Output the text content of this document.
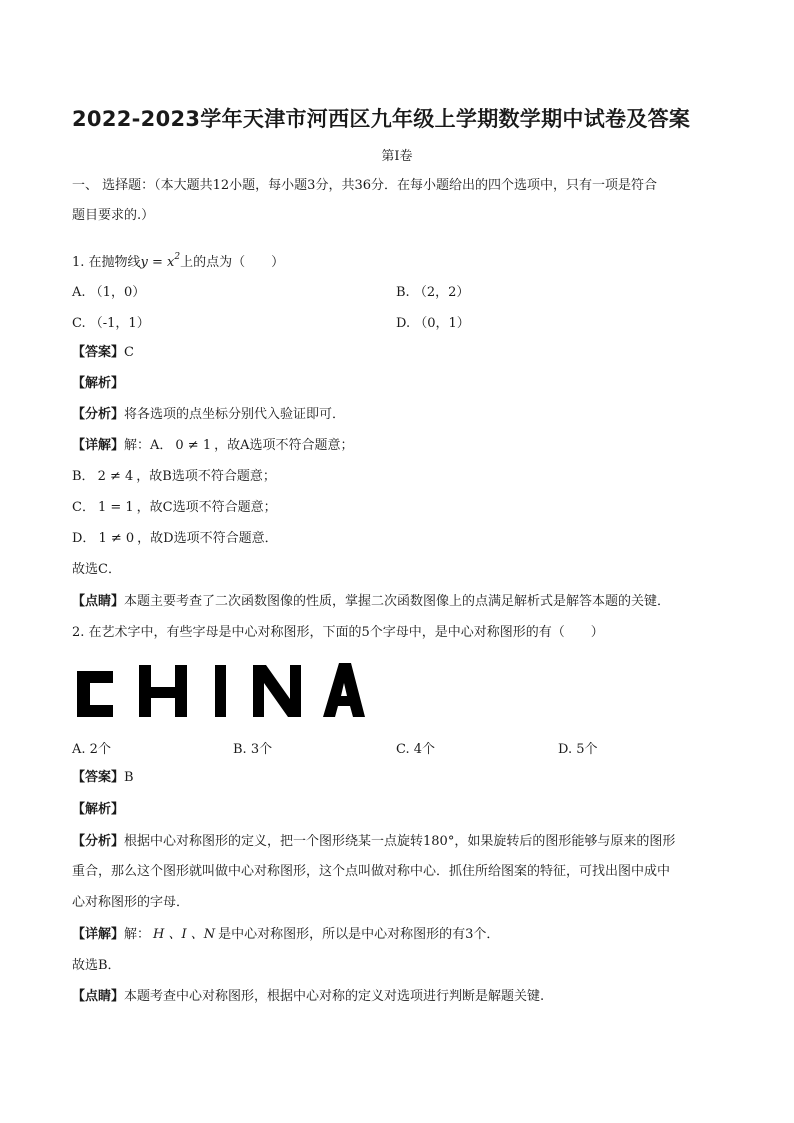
2022-2023学年天津市河西区九年级上学期数学期中试卷及答案
第Ⅰ卷
一、 选择题：（本大题共12小题，每小题3分，共36分．在每小题给出的四个选项中，只有一项是符合
题目要求的.）
1. 在抛物线$y = x^2$上的点为（　　）
A. （1，0）	B. （2，2）
C. （-1，1）	D. （0，1）
【答案】C
【解析】
【分析】将各选项的点坐标分别代入验证即可．
【详解】解：A． 0 ≠ 1 ，故A选项不符合题意；
B． 2 ≠ 4 ，故B选项不符合题意；
C． 1 = 1 ，故C选项不符合题意；
D． 1 ≠ 0 ，故D选项不符合题意．
故选C．
【点睛】本题主要考查了二次函数图像的性质，掌握二次函数图像上的点满足解析式是解答本题的关键．
2. 在艺术字中，有些字母是中心对称图形，下面的5个字母中，是中心对称图形的有（　　）
A. 2个	B. 3个	C. 4个	D. 5个
【答案】B
【解析】
【分析】根据中心对称图形的定义，把一个图形绕某一点旋转180°，如果旋转后的图形能够与原来的图形
重合，那么这个图形就叫做中心对称图形，这个点叫做对称中心．抓住所给图案的特征，可找出图中成中
心对称图形的字母．
【详解】解： H 、I 、N 是中心对称图形，所以是中心对称图形的有3个．
故选B．
【点睛】本题考查中心对称图形，根据中心对称的定义对选项进行判断是解题关键.
